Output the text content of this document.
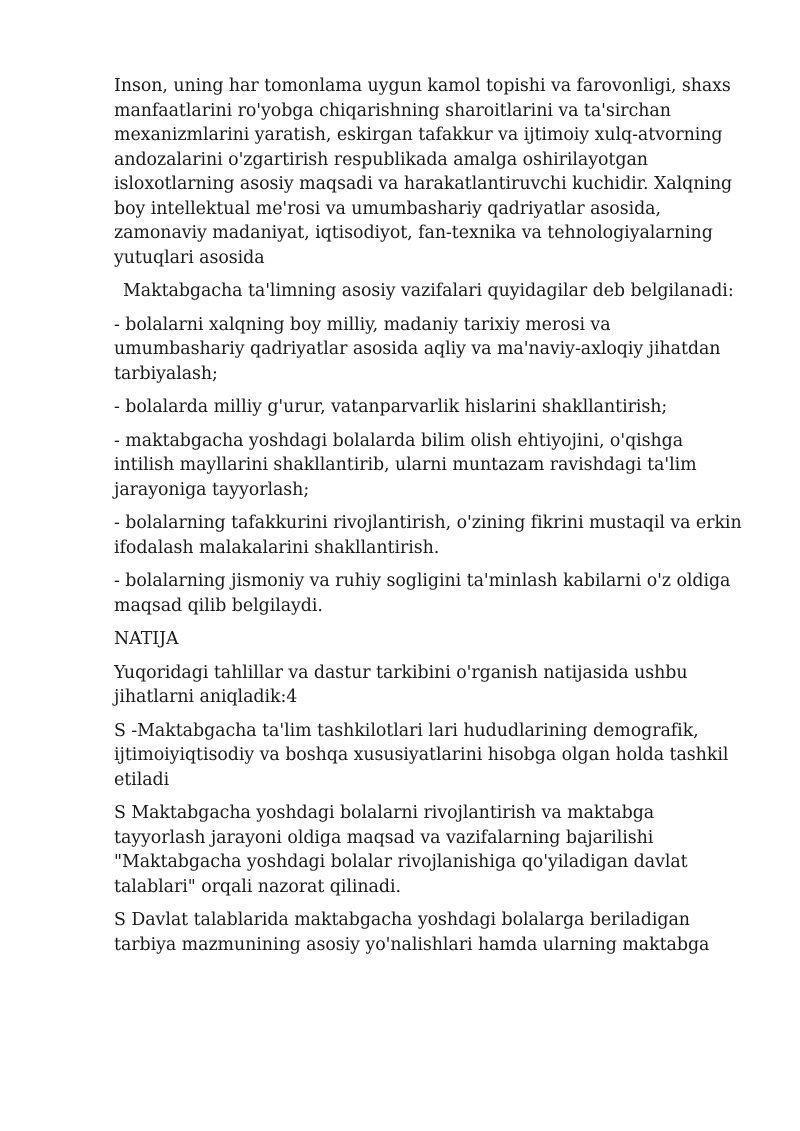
Inson, uning har tomonlama uygun kamol topishi va farovonligi, shaxs manfaatlarini ro'yobga chiqarishning sharoitlarini va ta'sirchan mexanizmlarini yaratish, eskirgan tafakkur va ijtimoiy xulq-atvorning andozalarini o'zgartirish respublikada amalga oshirilayotgan isloxotlarning asosiy maqsadi va harakatlantiruvchi kuchidir. Xalqning boy intellektual me'rosi va umumbashariy qadriyatlar asosida, zamonaviy madaniyat, iqtisodiyot, fan-texnika va tehnologiyalarning yutuqlari asosida

Maktabgacha ta'limning asosiy vazifalari quyidagilar deb belgilanadi:

- bolalarni xalqning boy milliy, madaniy tarixiy merosi va umumbashariy qadriyatlar asosida aqliy va ma'naviy-axloqiy jihatdan tarbiyalash;

- bolalarda milliy g'urur, vatanparvarlik hislarini shakllantirish;

- maktabgacha yoshdagi bolalarda bilim olish ehtiyojini, o'qishga intilish mayllarini shakllantirib, ularni muntazam ravishdagi ta'lim jarayoniga tayyorlash;

- bolalarning tafakkurini rivojlantirish, o'zining fikrini mustaqil va erkin ifodalash malakalarini shakllantirish.

- bolalarning jismoniy va ruhiy sogligini ta'minlash kabilarni o'z oldiga maqsad qilib belgilaydi.

NATIJA

Yuqoridagi tahlillar va dastur tarkibini o'rganish natijasida ushbu jihatlarni aniqladik:4

S -Maktabgacha ta'lim tashkilotlari lari hududlarining demografik, ijtimoiyiqtisodiy va boshqa xususiyatlarini hisobga olgan holda tashkil etiladi

S Maktabgacha yoshdagi bolalarni rivojlantirish va maktabga tayyorlash jarayoni oldiga maqsad va vazifalarning bajarilishi "Maktabgacha yoshdagi bolalar rivojlanishiga qo'yiladigan davlat talablari" orqali nazorat qilinadi.

S Davlat talablarida maktabgacha yoshdagi bolalarga beriladigan tarbiya mazmunining asosiy yo'nalishlari hamda ularning maktabga
